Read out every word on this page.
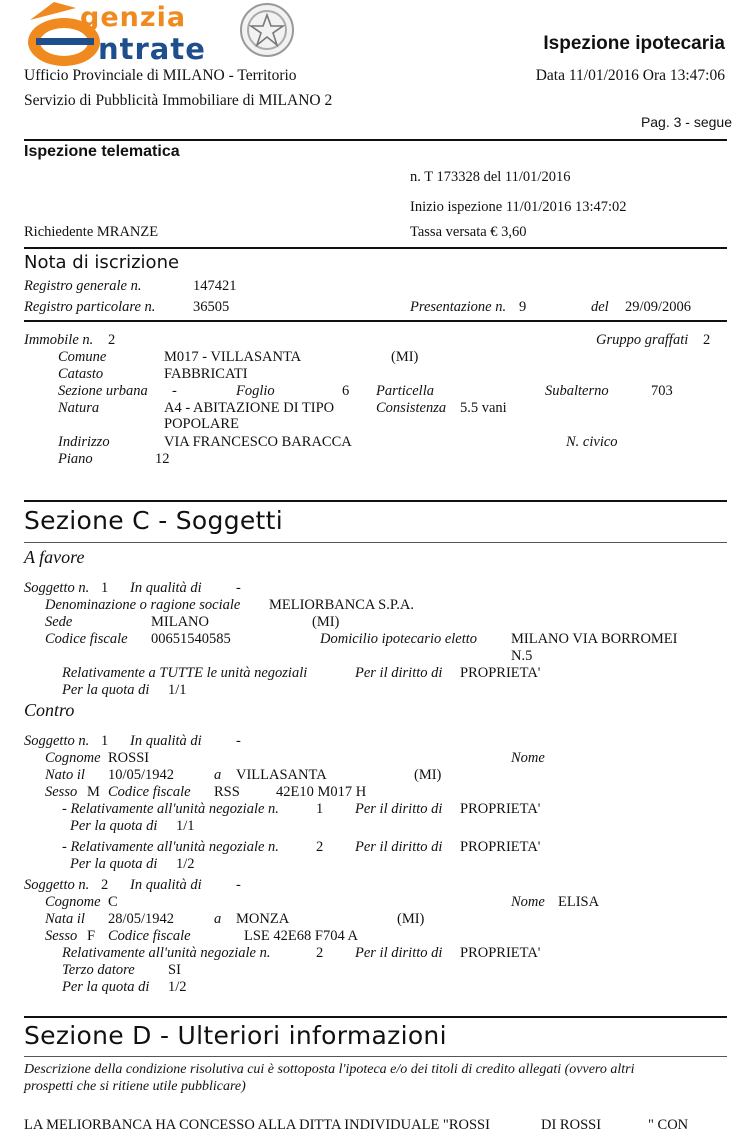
genzia
ntrate	Ispezione ipotecaria
Ufficio Provinciale di MILANO - Territorio	Data 11/01/2016 Ora 13:47:06
Servizio di Pubblicità Immobiliare di MILANO 2
Pag. 3 - segue
Ispezione telematica
n. T 173328 del 11/01/2016
Inizio ispezione 11/01/2016 13:47:02
Richiedente MRANZE	Tassa versata € 3,60
Nota di iscrizione
Registro generale n.	147421
Registro particolare n.	36505	Presentazione n. 9	del 29/09/2006
Immobile n. 2	Gruppo graffati 2
Comune	M017 - VILLASANTA	(MI)
Catasto	FABBRICATI
Sezione urbana -	Foglio	6 Particella	Subalterno	703
Natura	A4 - ABITAZIONE DI TIPO
POPOLARE
Consistenza 5.5 vani
Indirizzo	VIA FRANCESCO BARACCA	N. civico
Piano	12
Sezione C - Soggetti
A favore
Soggetto n. 1 In qualità di -
Denominazione o ragione sociale MELIORBANCA S.P.A.
Sede	MILANO	(MI)
Codice fiscale 00651540585	Domicilio ipotecario eletto MILANO VIA BORROMEI
N.5
Relativamente a TUTTE le unità negoziali	Per il diritto di PROPRIETA'
Per la quota di 1/1
Contro
Soggetto n. 1 In qualità di -
Cognome ROSSI	Nome
Nato il 10/05/1942	a VILLASANTA	(MI)
Sesso M Codice fiscale RSS 42E10 M017 H
- Relativamente all'unità negoziale n.	1 Per il diritto di PROPRIETA'
Per la quota di 1/1
- Relativamente all'unità negoziale n.	2 Per il diritto di PROPRIETA'
Per la quota di 1/2
Soggetto n. 2 In qualità di -
Cognome C	Nome ELISA
Nata il 28/05/1942	a MONZA	(MI)
Sesso F Codice fiscale	LSE 42E68 F704 A
Relativamente all'unità negoziale n.	2 Per il diritto di PROPRIETA'
Terzo datore SI
Per la quota di 1/2
Sezione D - Ulteriori informazioni
Descrizione della condizione risolutiva cui è sottoposta l'ipoteca e/o dei titoli di credito allegati (ovvero altri
prospetti che si ritiene utile pubblicare)
LA MELIORBANCA HA CONCESSO ALLA DITTA INDIVIDUALE "ROSSI	DI ROSSI	" CON
